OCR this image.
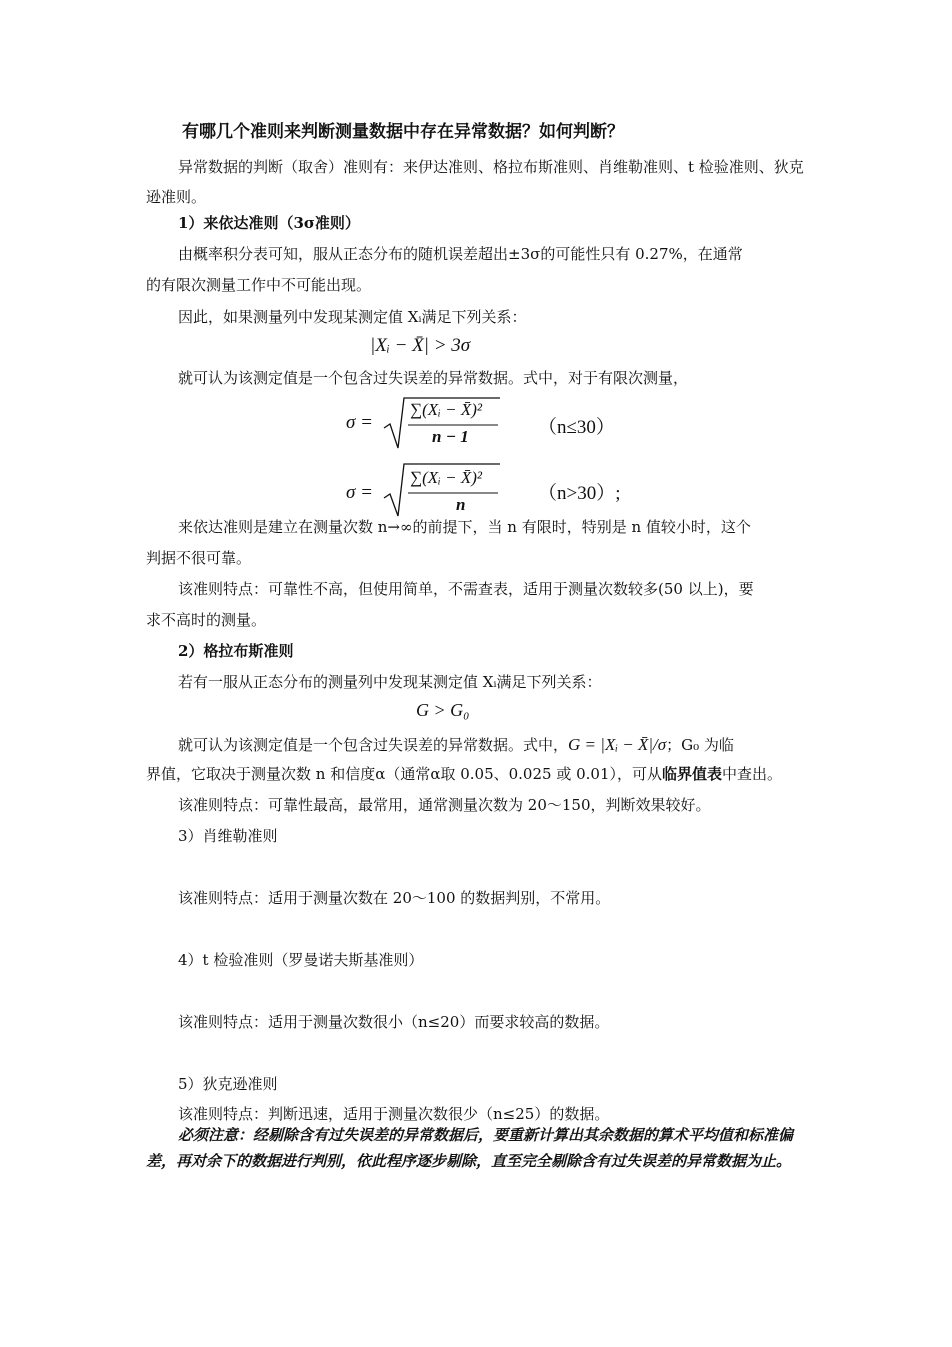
有哪几个准则来判断测量数据中存在异常数据？如何判断？
异常数据的判断（取舍）准则有：来伊达准则、格拉布斯准则、肖维勒准则、t 检验准则、狄克逊准则。
1）来依达准则（3σ准则）
由概率积分表可知，服从正态分布的随机误差超出±3σ的可能性只有 0.27%，在通常
的有限次测量工作中不可能出现。
因此，如果测量列中发现某测定值 Xᵢ满足下列关系：
|Xᵢ − X̄| > 3σ
就可认为该测定值是一个包含过失误差的异常数据。式中，对于有限次测量，
σ =
∑(Xᵢ − X̄)²
n − 1	（n≤30）
σ =
∑(Xᵢ − X̄)²
n
（n>30）;
来依达准则是建立在测量次数 n→∞的前提下，当 n 有限时，特别是 n 值较小时，这个
判据不很可靠。
该准则特点：可靠性不高，但使用简单，不需查表，适用于测量次数较多(50 以上)，要
求不高时的测量。
2）格拉布斯准则
若有一服从正态分布的测量列中发现某测定值 Xᵢ满足下列关系：
G > G₀
就可认为该测定值是一个包含过失误差的异常数据。式中，G = |Xᵢ − X̄|/σ；G₀ 为临
界值，它取决于测量次数 n 和信度α（通常α取 0.05、0.025 或 0.01），可从临界值表中查出。
该准则特点：可靠性最高，最常用，通常测量次数为 20～150，判断效果较好。
3）肖维勒准则
该准则特点：适用于测量次数在 20～100 的数据判别，不常用。
4）t 检验准则（罗曼诺夫斯基准则）
该准则特点：适用于测量次数很小（n≤20）而要求较高的数据。
5）狄克逊准则
该准则特点：判断迅速，适用于测量次数很少（n≤25）的数据。
必须注意：经剔除含有过失误差的异常数据后，要重新计算出其余数据的算术平均值和标准偏差，再对余下的数据进行判别，依此程序逐步剔除，直至完全剔除含有过失误差的异常数据为止。
